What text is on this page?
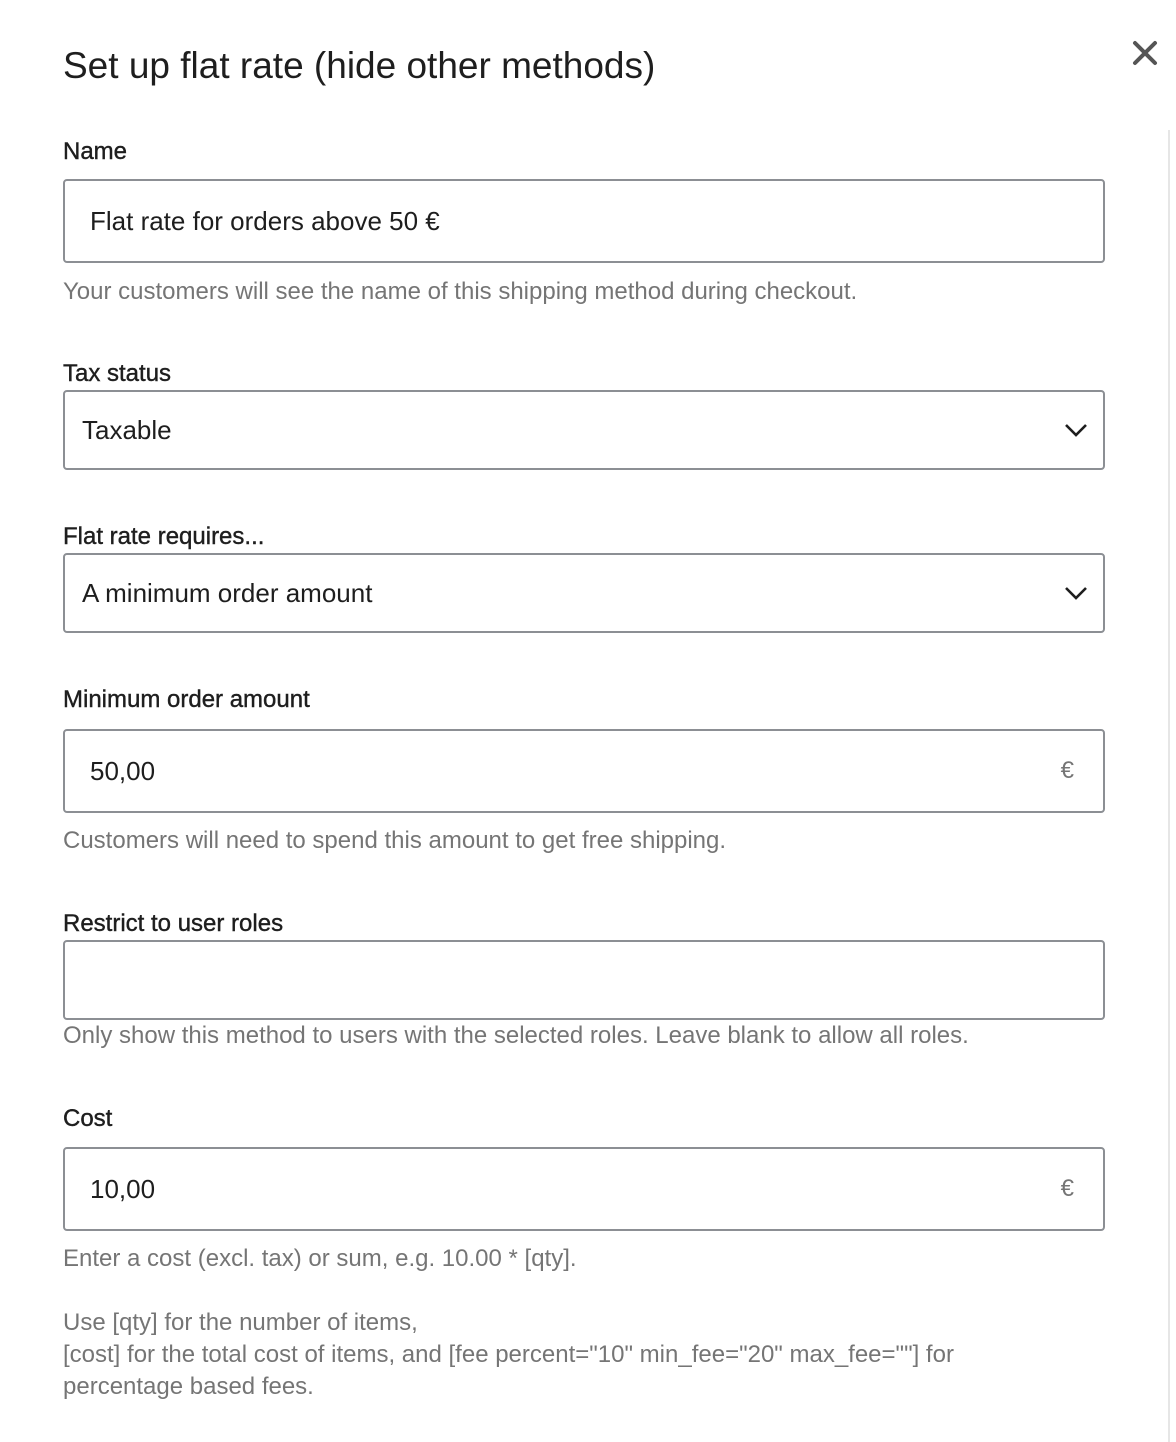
Set up flat rate (hide other methods)
Name
Flat rate for orders above 50 €
Your customers will see the name of this shipping method during checkout.
Tax status
Taxable
Flat rate requires...
A minimum order amount
Minimum order amount
50,00
€
Customers will need to spend this amount to get free shipping.
Restrict to user roles
Only show this method to users with the selected roles. Leave blank to allow all roles.
Cost
10,00
€
Enter a cost (excl. tax) or sum, e.g. 10.00 * [qty].
Use [qty] for the number of items,
[cost] for the total cost of items, and [fee percent="10" min_fee="20" max_fee=""] for
percentage based fees.
